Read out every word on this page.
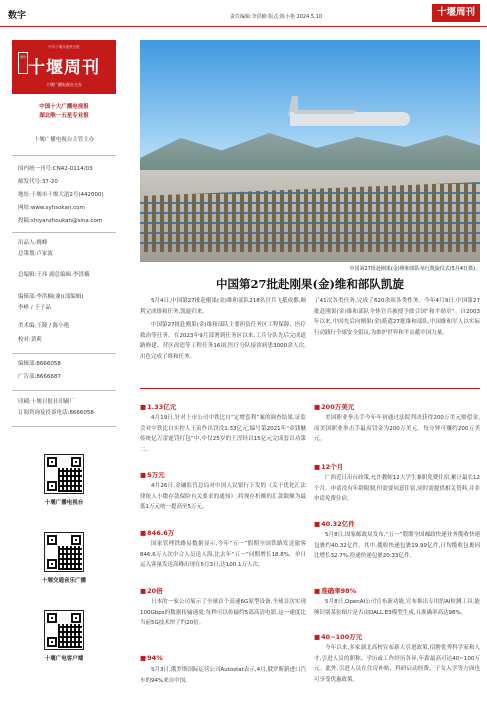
数字	责任编辑:李洪楠 版式:陈小艳 2024.5.10	十堰周刊
中共十堰市委机关报
周刊
十堰周刊
十堰广播电视台主办
中国十大广播电视报
湖北唯一五星专业报
十堰广播电视台主管主办
国内统一刊号:CN42-0114/03
邮发代号:37-20
地址:十堰市十堰大道2号(442000)
网址:www.syhsokan.com
投稿:shiyanzhoukan@sina.com
出品人:姚峰
总策划:卢家波
总编辑:王玮 副总编辑:李洪楠
编辑部:李洪楠(兼)(部编辑)
李峥 / 于子晶
美术编:王隆 / 陈小艳
校对:黄莉
编辑部:8666058
广告部:8666687
印刷:十堰日报社印刷厂
订阅咨询及投诉电话:8666058
十堰广播电视台
十堰交通音乐广播
十堰广电客户端
中国第27批赴刚果(金)维和部队举行凯旋仪式(5月4日摄)。
中国第27批赴刚果(金)维和部队凯旋
5月4日,中国第27批赴刚果(金)维和部队218名官兵飞抵成都,顺利完成维和任务,凯旋归来。
中国第27批赴刚果(金)维和部队主要担负任务区工程保障、医疗救治等任务。在2023年9月部署到任务区以来,工兵分队先后完成道路修建、营区改造等工程任务16项,医疗分队接诊病患3000余人次,出色完成了维和任务。
了41次各类任务,完成了620余项各类性务。今年4月9日,中国第27批赴刚果(金)维和部队全体官兵被授予联合国“和平勋章”。自2003年以来,中国先后向刚果(金)派遣27批维和部队,中国维和军人以实际行动践行全球安全倡议,为维护世界和平贡献中国力量。
■ 1.33亿元
4月19日,针对上市公司中铁比自“定增套利”案的调查结果,证监会对中铁比自实控人王寅作出罚没1.33亿元,编号第2021年“金钱魅传统亿万雷霆罚打包”中,中仅25岁的王淳经以15亿元完成套以功第二。
■ 5万元
4月26日,金融监管总局对中国人民银行下发的《关于优化汇法律依人小微存款保险有关要求的通知》,将现存折额的汇款限额为最低1万元统一提高至5万元。
■ 846.6万
国家管理铁路局数据显示,今年“五一”假期全国铁路发送旅客846.6万人次中合人员送人海,比去年“五一”同期增长18.8%。单日运入客量发送高峰出现在5月3日,达100.1万人次。
■ 20倍
日本的一家公司展示了全球首个高速6G原型设备,全球首次实现100Gbps的数据传输速度,每秒可以传输约5部高清电影,这一速度比当前5G技术快了约20倍。
■ 94%
5月3日,俄罗斯国际运营公司Autostat表示,4月,俄罗斯新进口汽车的94%来自中国。
■ 200万美元
美国职业拳击手今年年初通过法院判决获得200万美元赔偿金,而美国职业拳击手最高罚金为200万美元。每分钟可赚约200万美元。
■ 12个月
广西近日出台政策,允许教师12大学生兼职免费住宿,累计最长12个月。申请没有年龄限制,但需要同意住宿,同时需提供相关资料,并非申请免费住宿。
■ 40.32亿件
5月8日,国家邮政局发布,“五一”假期全国邮政快递业务揽收快递包裹约40.32亿件。其中,揽收快递包裹19.99亿件,日均揽收包裹同比增长32.7%,投递快递包裹20.33亿件。
■ 准确率98%
5月8日,OpenAI公司宣布新功能,宣布推出专用的AI检测工具,能够识别某张图片是否由DALL·E3模型生成,且准确率高达98%。
■ 40~100万元
今年以来,多家湖北高校宣布新人引进政策,招聘优秀科学家和人才,引进人员的职称、学历或工作经历各异,年薪最高可达40~100万元。此外,引进人员在住房补贴、科研启动经费、子女入学等方面也可享受优惠政策。
